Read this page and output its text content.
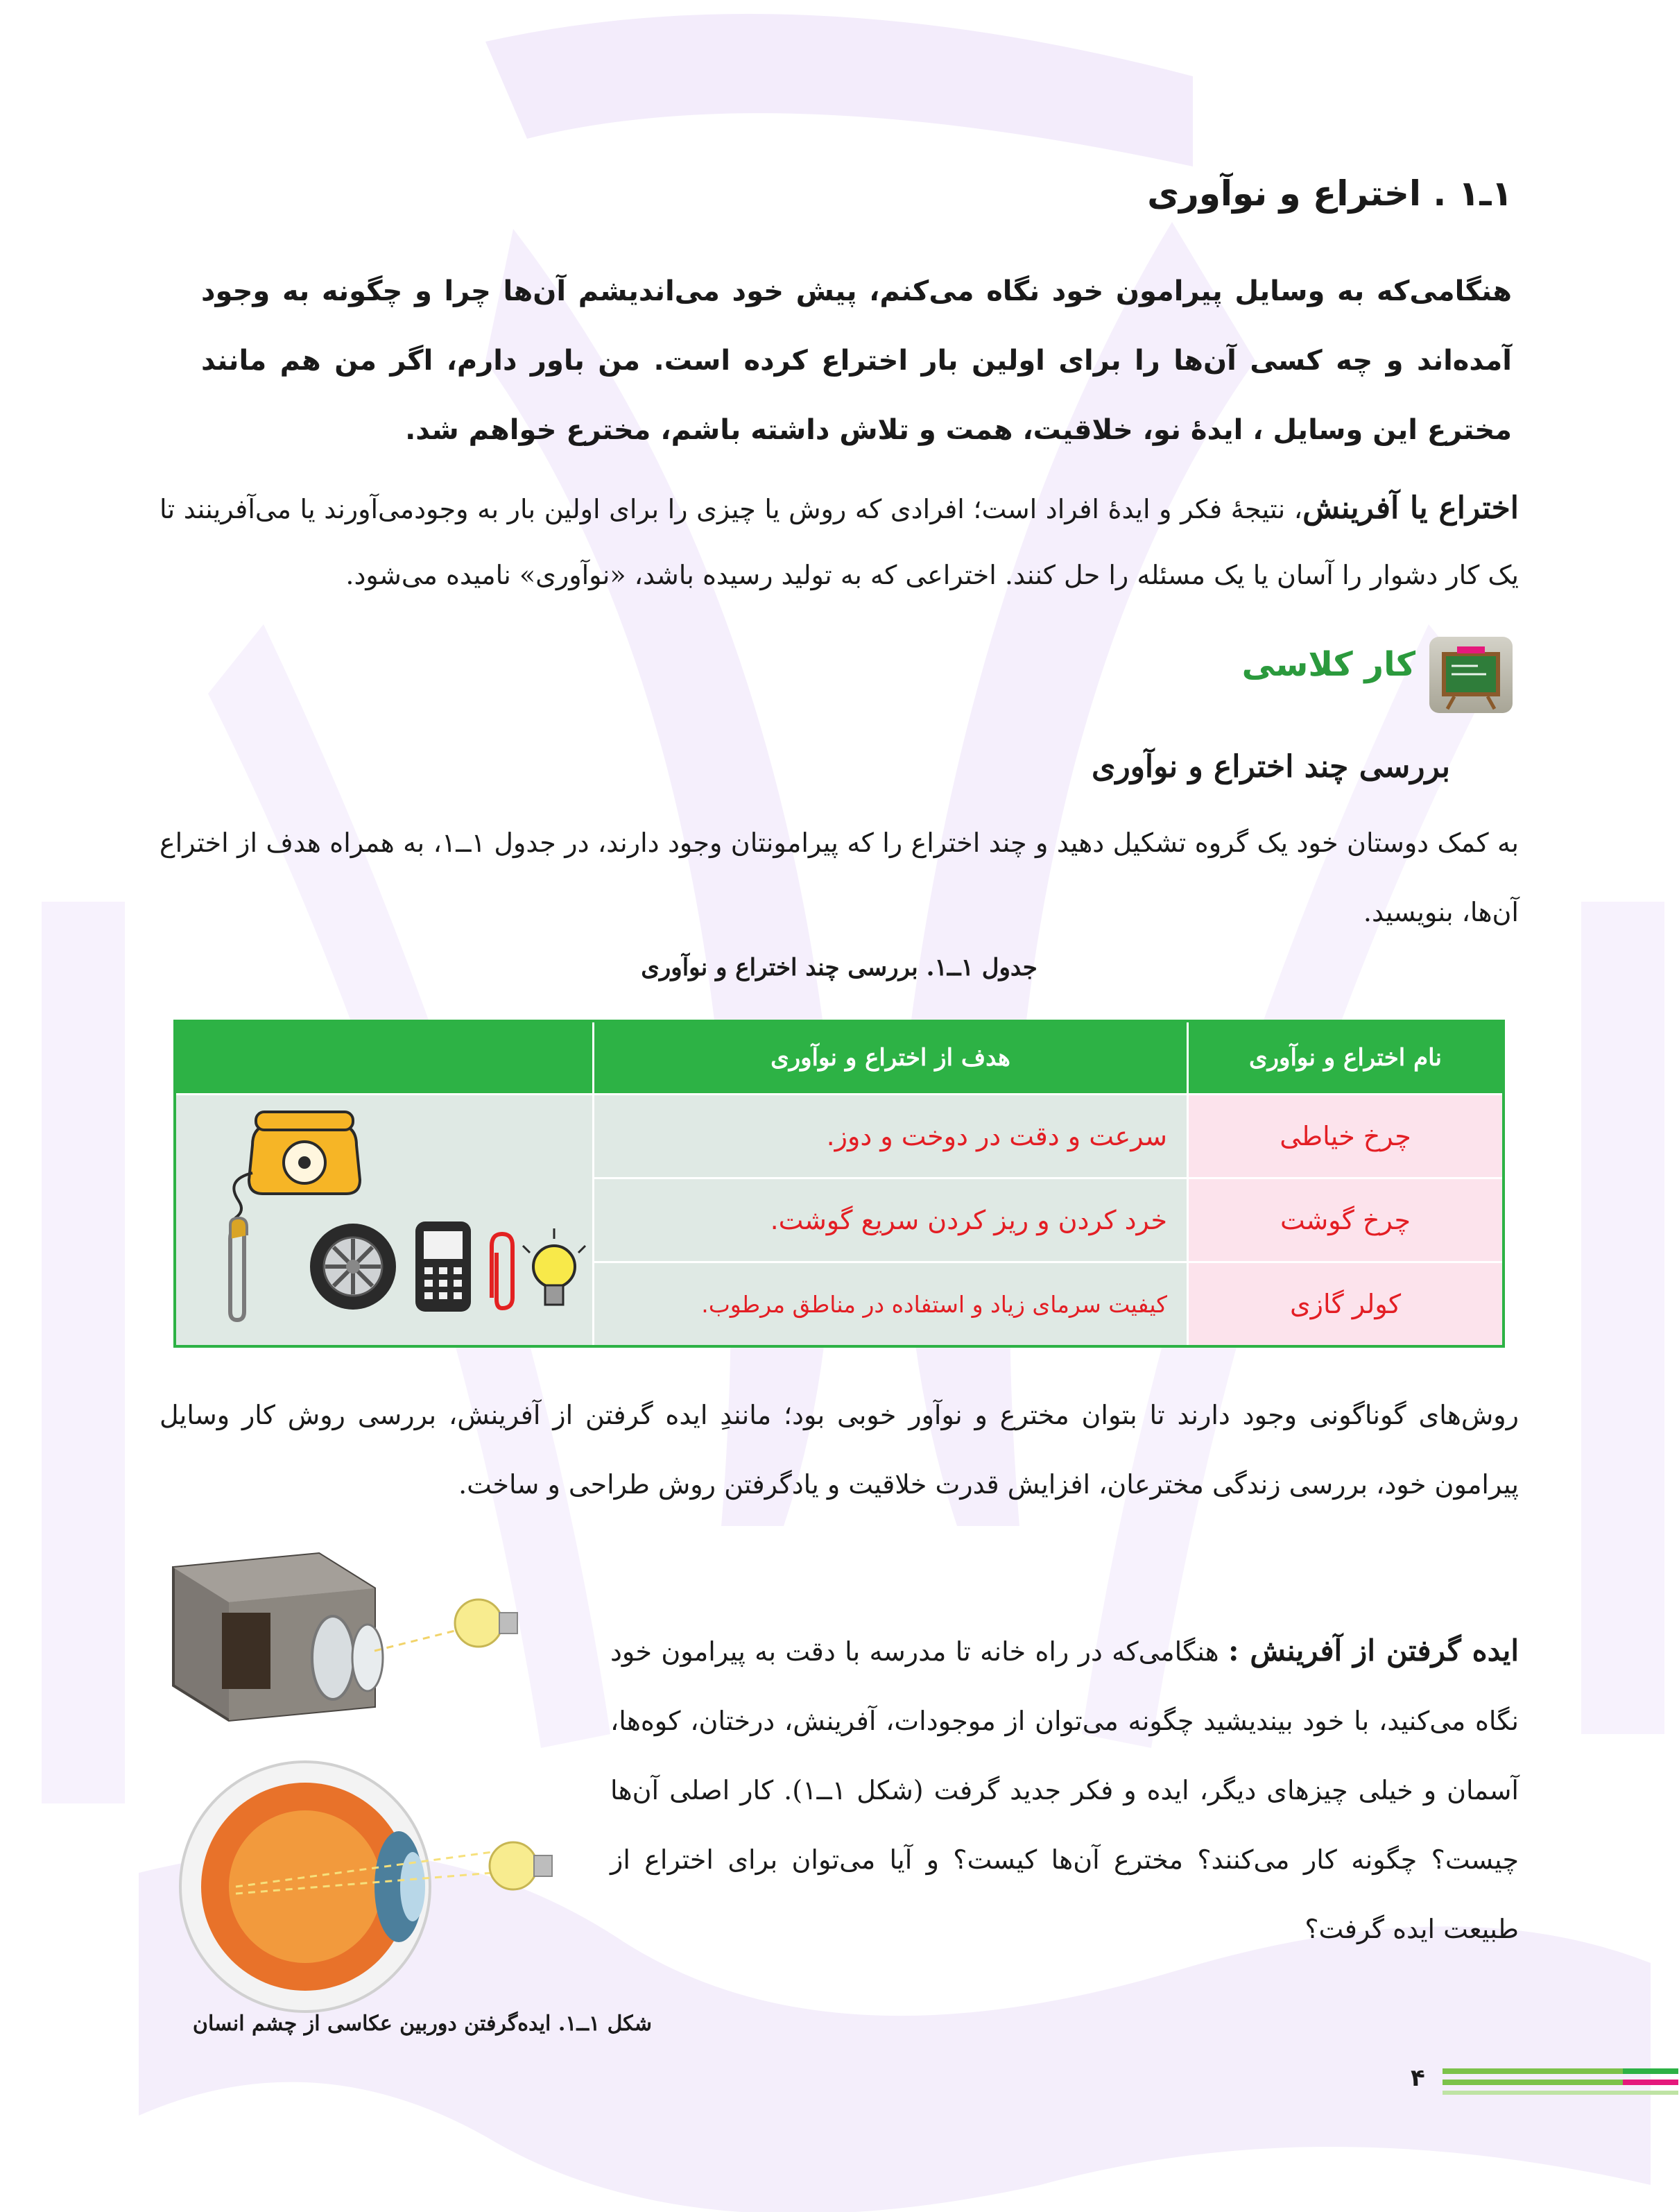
۱ـ۱ . اختراع و نوآوری
هنگامی‌که به وسایل پیرامون خود نگاه می‌کنم، پیش خود می‌اندیشم آن‌ها چرا و چگونه به وجود آمده‌اند و چه کسی آن‌ها را برای اولین بار اختراع کرده است. من باور دارم، اگر من هم مانند مخترع این وسایل ، ایدهٔ نو، خلاقیت، همت و تلاش داشته باشم، مخترع خواهم شد.
اختراع یا آفرینش، نتیجهٔ فکر و ایدهٔ افراد است؛ افرادی که روش یا چیزی را برای اولین بار به وجودمی‌آورند یا می‌آفرینند تا یک کار دشوار را آسان یا یک مسئله را حل کنند. اختراعی که به تولید رسیده باشد، «نوآوری» نامیده می‌شود.
کار کلاسی
بررسی چند اختراع و نوآوری
به کمک دوستان خود یک گروه تشکیل دهید و چند اختراع را که پیرامونتان وجود دارند، در جدول ۱ــ۱، به همراه هدف از اختراع آن‌ها، بنویسید.
جدول ۱ــ۱. بررسی چند اختراع و نوآوری
نام اختراع و نوآوری	هدف از اختراع و نوآوری	
چرخ خیاطی	سرعت و دقت در دوخت و دوز.	
چرخ گوشت	خرد کردن و ریز کردن سریع گوشت.	
کولر گازی	کیفیت سرمای زیاد و استفاده در مناطق مرطوب.	
روش‌های گوناگونی وجود دارند تا بتوان مخترع و نوآور خوبی بود؛ مانندِ ایده گرفتن از آفرینش، بررسی روش کار وسایل پیرامون خود، بررسی زندگی مخترعان، افزایش قدرت خلاقیت و یادگرفتن روش طراحی و ساخت.
ایده گرفتن از آفرینش : هنگامی‌که در راه خانه تا مدرسه با دقت به پیرامون خود نگاه می‌کنید، با خود بیندیشید چگونه می‌توان از موجودات، آفرینش، درختان، کوه‌ها، آسمان و خیلی چیزهای دیگر، ایده و فکر جدید گرفت (شکل ۱ــ۱). کار اصلی آن‌ها چیست؟ چگونه کار می‌کنند؟ مخترع آن‌ها کیست؟ و آیا می‌توان برای اختراع از طبیعت ایده گرفت؟
شکل ۱ــ۱. ایده‌گرفتن دوربین عکاسی از چشم انسان
۴
